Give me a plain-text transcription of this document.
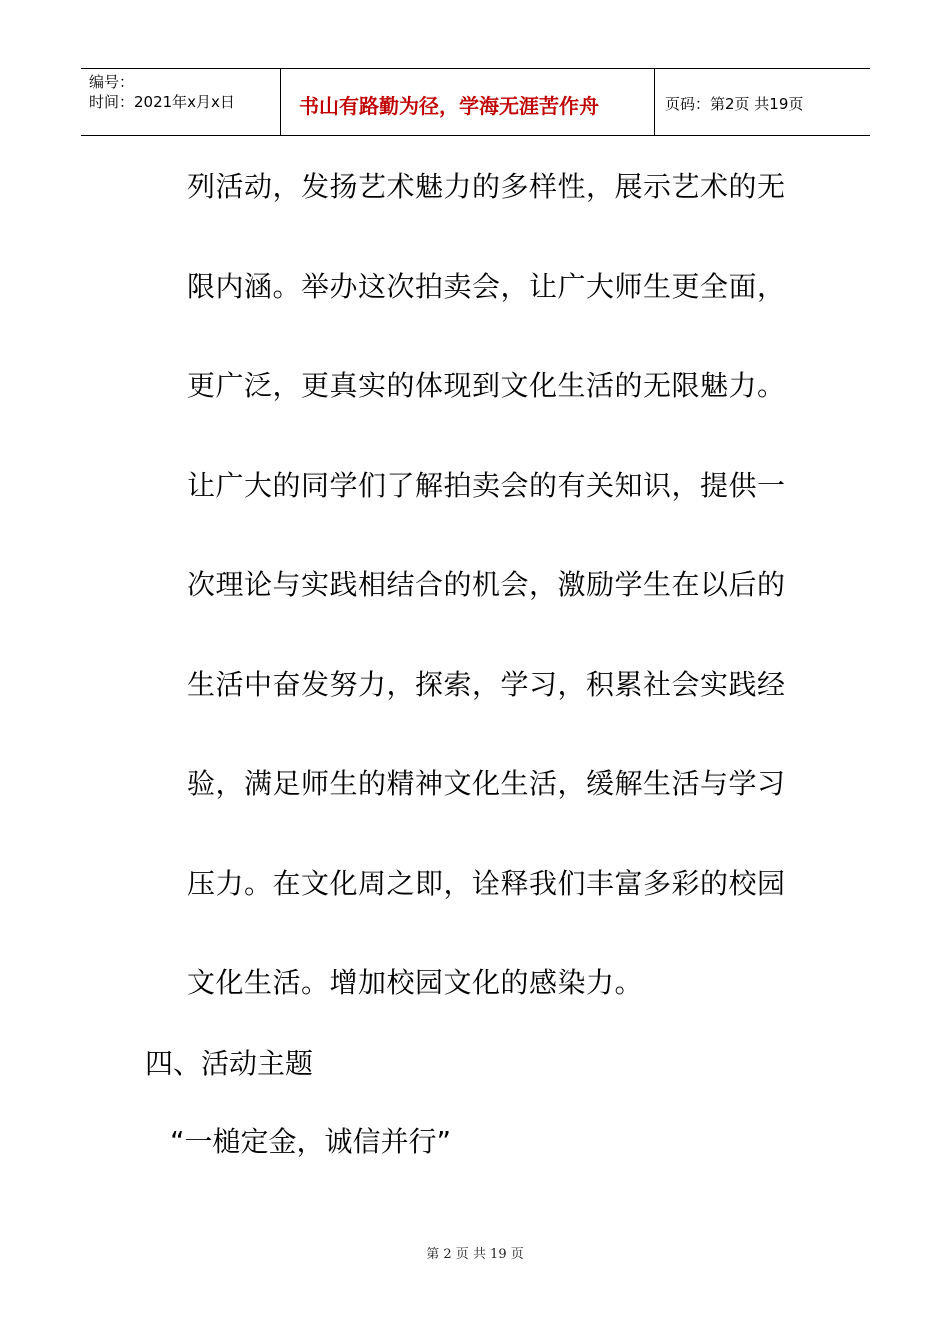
编号：
时间：2021年x月x日	书山有路勤为径，学海无涯苦作舟	页码：第2页 共19页
列活动，发扬艺术魅力的多样性，展示艺术的无
限内涵。举办这次拍卖会，让广大师生更全面，
更广泛，更真实的体现到文化生活的无限魅力。
让广大的同学们了解拍卖会的有关知识，提供一
次理论与实践相结合的机会，激励学生在以后的
生活中奋发努力，探索，学习，积累社会实践经
验，满足师生的精神文化生活，缓解生活与学习
压力。在文化周之即，诠释我们丰富多彩的校园
文化生活。增加校园文化的感染力。
四、活动主题
“一槌定金，诚信并行”
第 2 页 共 19 页
